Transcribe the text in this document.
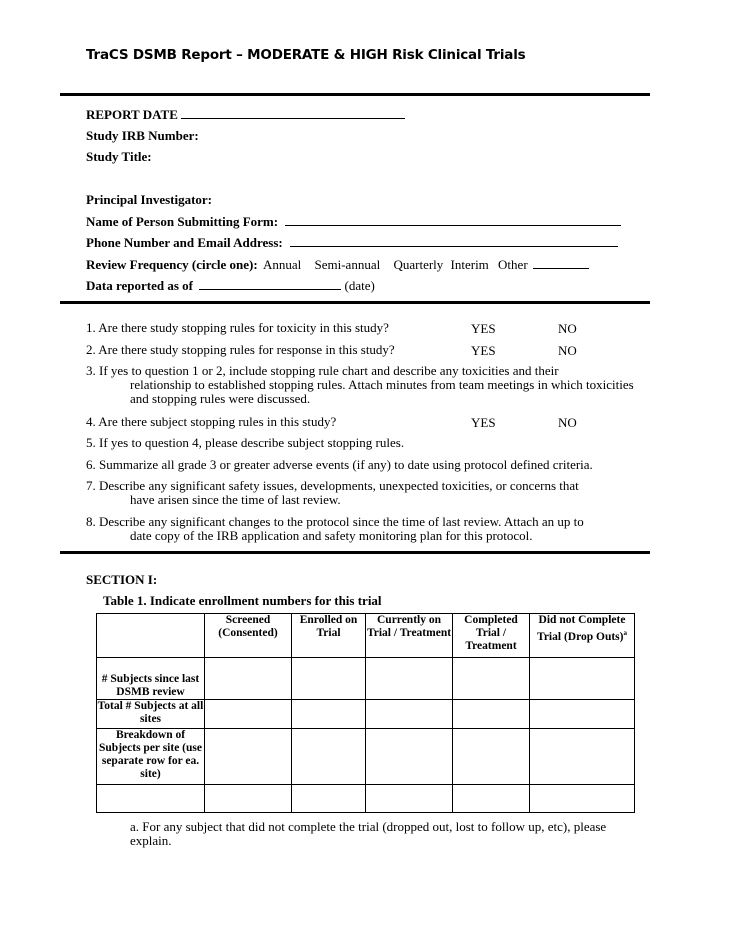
TraCS DSMB Report – MODERATE & HIGH Risk Clinical Trials
REPORT DATE
Study IRB Number:
Study Title:
Principal Investigator:
Name of Person Submitting Form:
Phone Number and Email Address:
Review Frequency (circle one): Annual Semi-annual Quarterly Interim Other
Data reported as of	(date)
1. Are there study stopping rules for toxicity in this study?	YES	NO
2. Are there study stopping rules for response in this study?	YES	NO
3. If yes to question 1 or 2, include stopping rule chart and describe any toxicities and their
relationship to established stopping rules. Attach minutes from team meetings in which toxicities and stopping rules were discussed.
4. Are there subject stopping rules in this study?	YES	NO
5. If yes to question 4, please describe subject stopping rules.
6. Summarize all grade 3 or greater adverse events (if any) to date using protocol defined criteria.
7. Describe any significant safety issues, developments, unexpected toxicities, or concerns that
have arisen since the time of last review.
8. Describe any significant changes to the protocol since the time of last review. Attach an up to
date copy of the IRB application and safety monitoring plan for this protocol.
SECTION I:
Table 1. Indicate enrollment numbers for this trial
	Screened (Consented)	Enrolled on Trial	Currently on Trial / Treatment	Completed Trial / Treatment	Did not Complete Trial (Drop Outs)$^a$
# Subjects since last DSMB review					
Total # Subjects at all sites					
Breakdown of Subjects per site (use separate row for ea. site)					

a. For any subject that did not complete the trial (dropped out, lost to follow up, etc), please explain.
